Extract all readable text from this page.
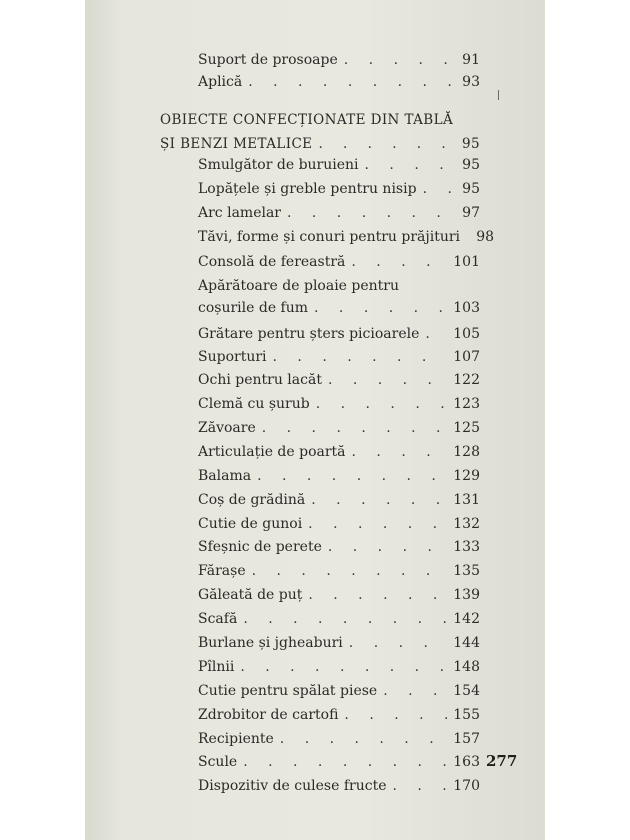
Suport de prosoape . . .	91
Aplică . . .	93
OBIECTE CONFECȚIONATE DIN TABLĂ
ȘI BENZI METALICE . . .	95
Smulgător de buruieni . . .	95
Lopățele și greble pentru nisip . . .	95
Arc lamelar . . .	97
Tăvi, forme și conuri pentru prăjituri 98
Consolă de fereastră . . .	101
Apărătoare de ploaie pentru
coșurile de fum . . .	103
Grătare pentru șters picioarele . . . 105
Suporturi . . .	107
Ochi pentru lacăt . . .	122
Clemă cu șurub . . .	123
Zăvoare . . .	125
Articulație de poartă . . .	128
Balama . . .	129
Coș de grădină . . .	131
Cutie de gunoi . . .	132
Sfeșnic de perete . . .	133
Fărașe . . .	135
Găleată de puț . . .	139
Scafă . . .	142
Burlane și jgheaburi . . .	144
Pîlnii . . .	148
Cutie pentru spălat piese . . .	154
Zdrobitor de cartofi . . .	155
Recipiente . . .	157
Scule . . .	163
Dispozitiv de culese fructe . . .	170
277
